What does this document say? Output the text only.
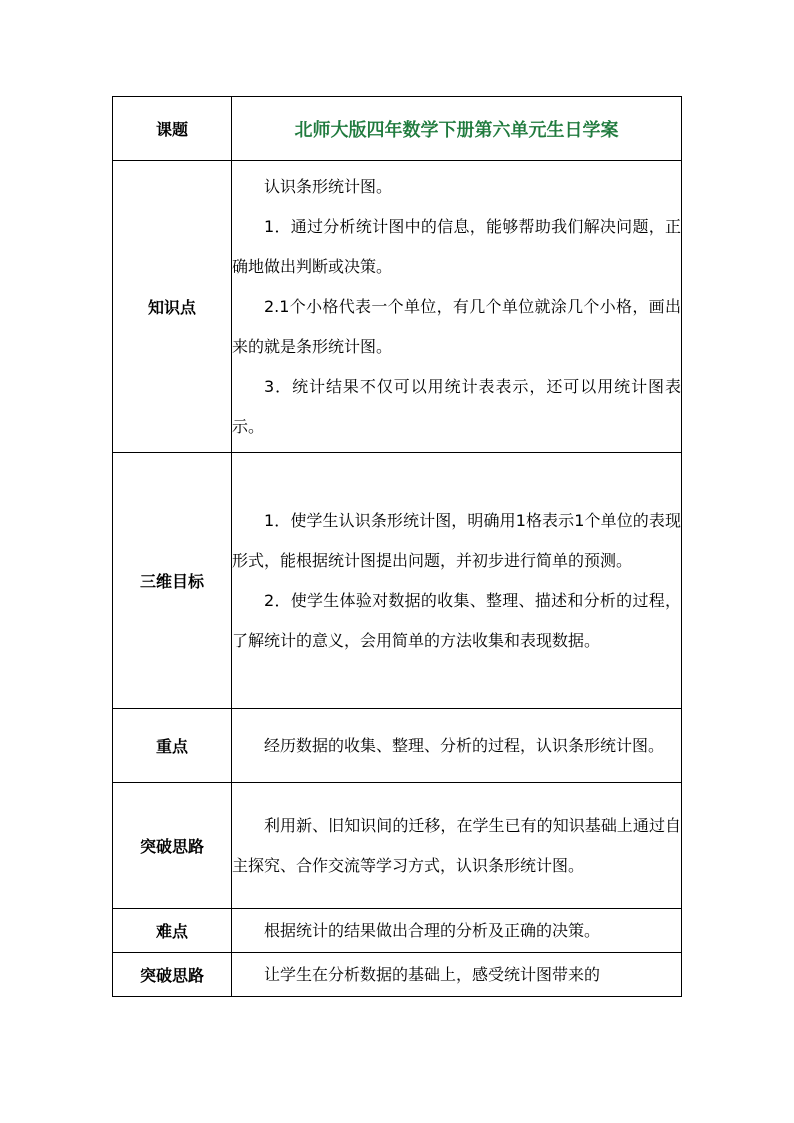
课题	北师大版四年数学下册第六单元生日学案
知识点	认识条形统计图。

1．通过分析统计图中的信息，能够帮助我们解决问题，正确地做出判断或决策。

2.1个小格代表一个单位，有几个单位就涂几个小格，画出来的就是条形统计图。

3．统计结果不仅可以用统计表表示，还可以用统计图表示。

三维目标	1．使学生认识条形统计图，明确用1格表示1个单位的表现形式，能根据统计图提出问题，并初步进行简单的预测。

2．使学生体验对数据的收集、整理、描述和分析的过程，了解统计的意义，会用简单的方法收集和表现数据。

重点	经历数据的收集、整理、分析的过程，认识条形统计图。

突破思路	利用新、旧知识间的迁移，在学生已有的知识基础上通过自主探究、合作交流等学习方式，认识条形统计图。

难点	根据统计的结果做出合理的分析及正确的决策。

突破思路	让学生在分析数据的基础上，感受统计图带来的
